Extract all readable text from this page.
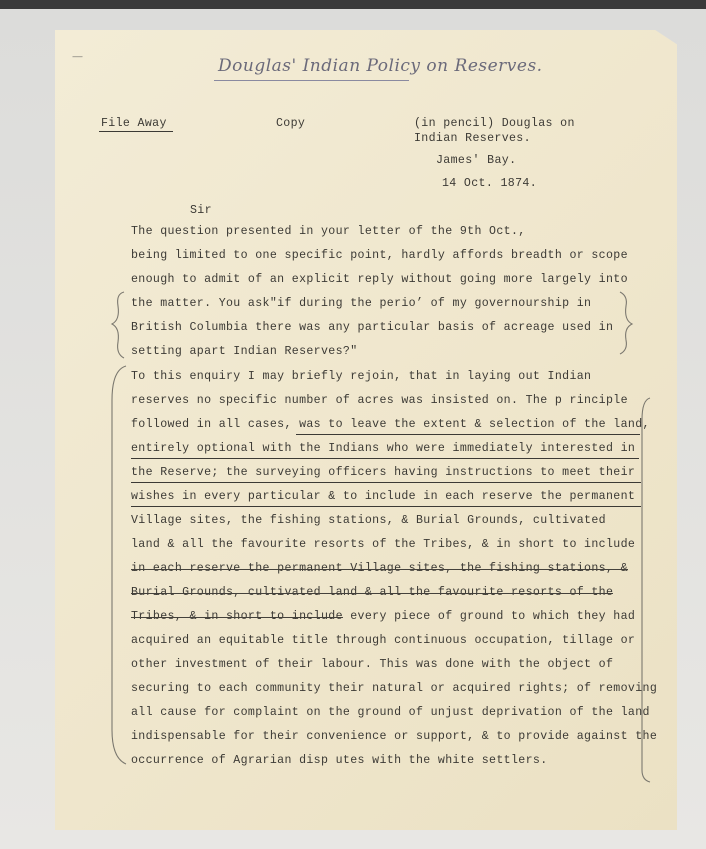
—	Douglas' Indian Policy on Reserves.
File Away	Copy	(in pencil) Douglas on
Indian Reserves.
James' Bay.
14 Oct. 1874.
Sir
The question presented in your letter of the 9th Oct.,
being limited to one specific point, hardly affords breadth or scope
enough to admit of an explicit reply without going more largely into
the matter. You ask"if during the perio’ of my governourship in
British Columbia there was any particular basis of acreage used in
setting apart Indian Reserves?"
To this enquiry I may briefly rejoin, that in laying out Indian
reserves no specific number of acres was insisted on. The p rinciple
followed in all cases, was to leave the extent & selection of the land,
entirely optional with the Indians who were immediately interested in
the Reserve; the surveying officers having instructions to meet their
wishes in every particular & to include in each reserve the permanent
Village sites, the fishing stations, & Burial Grounds, cultivated
land & all the favourite resorts of the Tribes, & in short to include
in each reserve the permanent Village sites, the fishing stations, &
Burial Grounds, cultivated land & all the favourite resorts of the
Tribes, & in short to include every piece of ground to which they had
acquired an equitable title through continuous occupation, tillage or
other investment of their labour. This was done with the object of
securing to each community their natural or acquired rights; of removing
all cause for complaint on the ground of unjust deprivation of the land
indispensable for their convenience or support, & to provide against the
occurrence of Agrarian disp utes with the white settlers.
